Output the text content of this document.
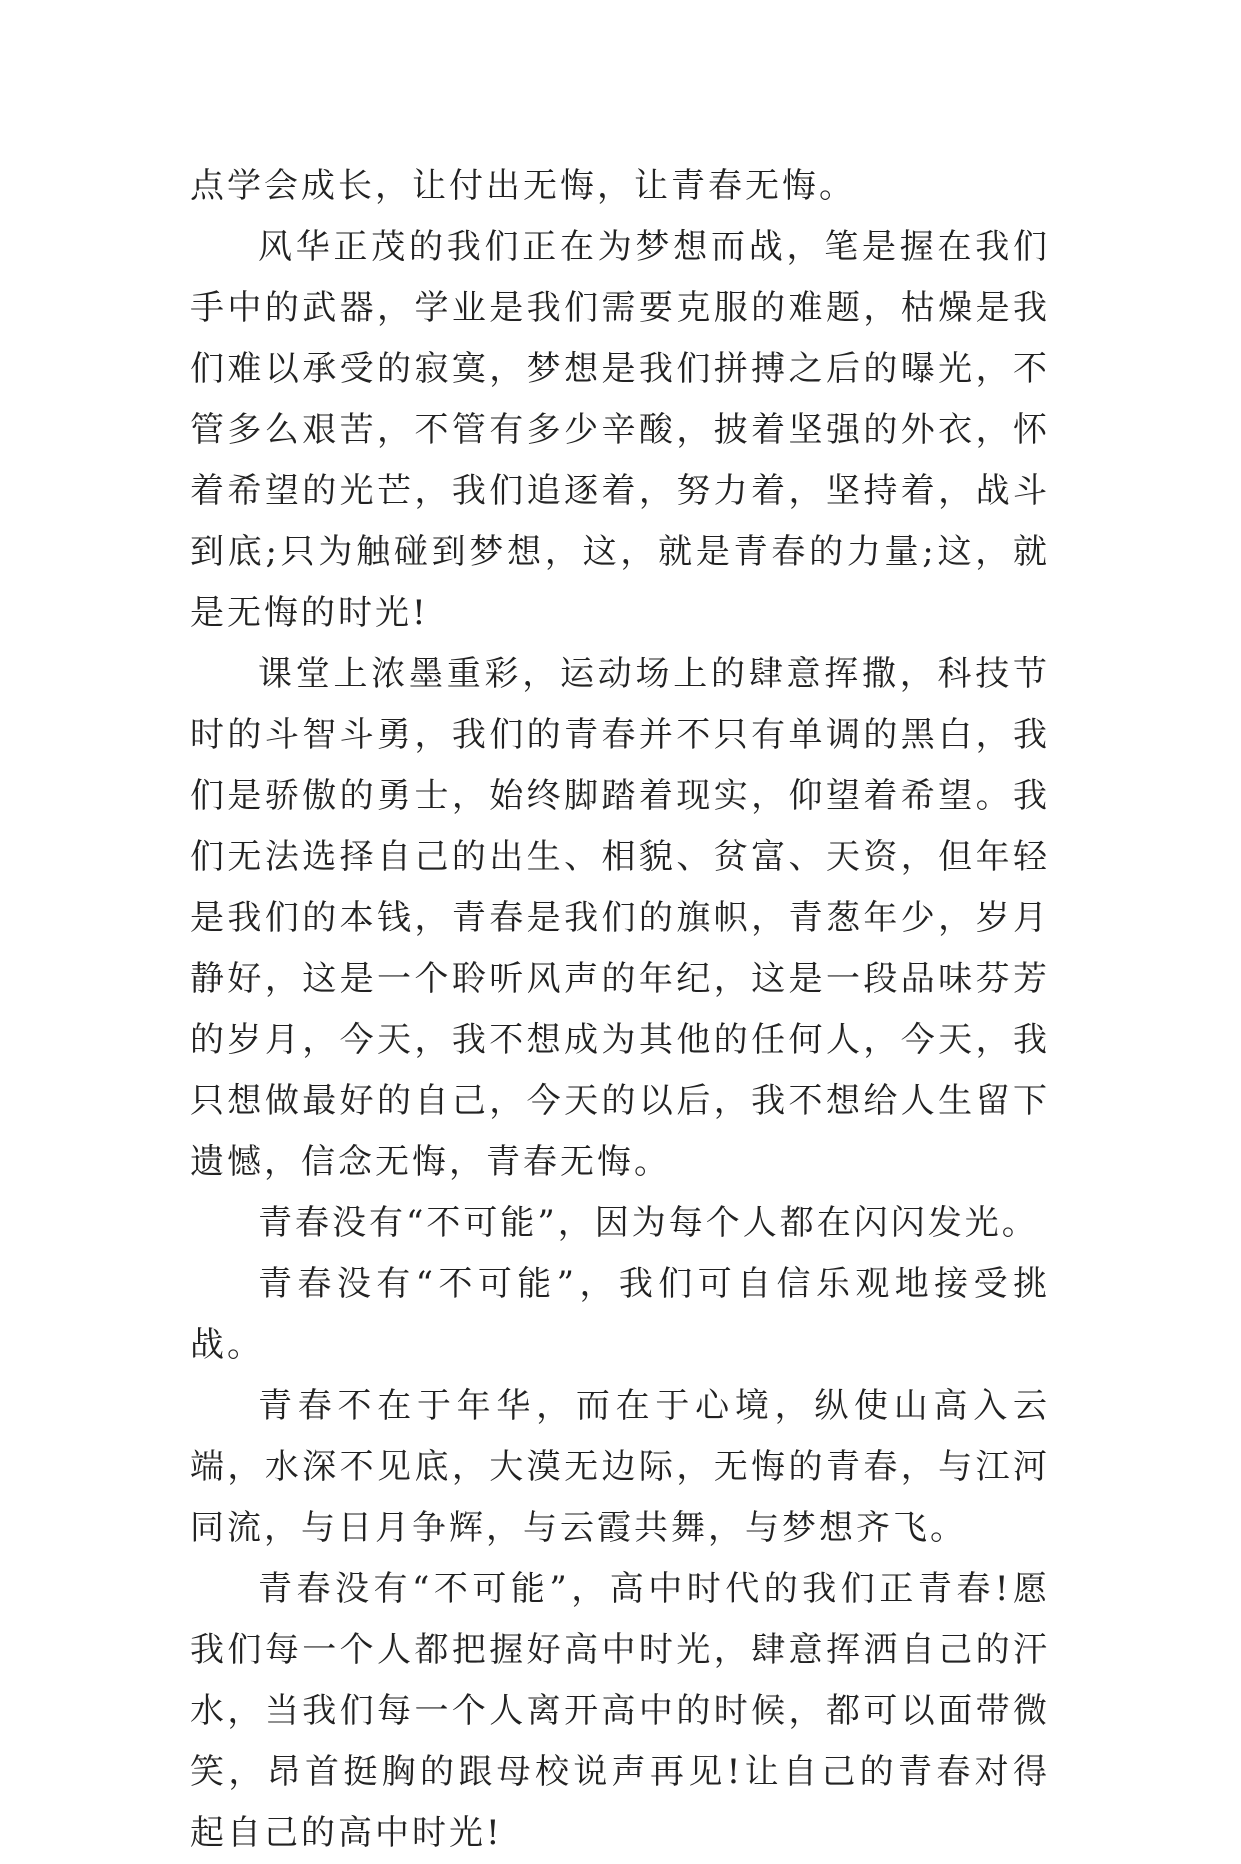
点学会成长，让付出无悔，让青春无悔。

风华正茂的我们正在为梦想而战，笔是握在我们手中的武器，学业是我们需要克服的难题，枯燥是我们难以承受的寂寞，梦想是我们拼搏之后的曝光，不管多么艰苦，不管有多少辛酸，披着坚强的外衣，怀着希望的光芒，我们追逐着，努力着，坚持着，战斗到底;只为触碰到梦想，这，就是青春的力量;这，就是无悔的时光!

课堂上浓墨重彩，运动场上的肆意挥撒，科技节时的斗智斗勇，我们的青春并不只有单调的黑白，我们是骄傲的勇士，始终脚踏着现实，仰望着希望。我们无法选择自己的出生、相貌、贫富、天资，但年轻是我们的本钱，青春是我们的旗帜，青葱年少，岁月静好，这是一个聆听风声的年纪，这是一段品味芬芳的岁月，今天，我不想成为其他的任何人，今天，我只想做最好的自己，今天的以后，我不想给人生留下遗憾，信念无悔，青春无悔。

青春没有“不可能”，因为每个人都在闪闪发光。

青春没有“不可能”，我们可自信乐观地接受挑战。

青春不在于年华，而在于心境，纵使山高入云端，水深不见底，大漠无边际，无悔的青春，与江河同流，与日月争辉，与云霞共舞，与梦想齐飞。

青春没有“不可能”，高中时代的我们正青春!愿我们每一个人都把握好高中时光，肆意挥洒自己的汗水，当我们每一个人离开高中的时候，都可以面带微笑，昂首挺胸的跟母校说声再见!让自己的青春对得起自己的高中时光!
